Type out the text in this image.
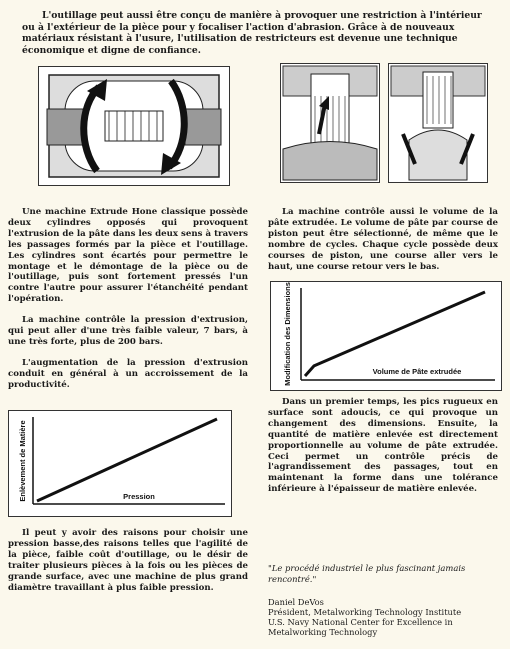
L'outillage peut aussi être conçu de manière à provoquer une restriction à l'intérieur ou à l'extérieur de la pièce pour y focaliser l'action d'abrasion. Grâce à de nouveaux matériaux résistant à l'usure, l'utilisation de restricteurs est devenue une technique économique et digne de confiance.

Une machine Extrude Hone classique possède deux cylindres opposés qui provoquent l'extrusion de la pâte dans les deux sens à travers les passages formés par la pièce et l'outillage. Les cylindres sont écartés pour permettre le montage et le démontage de la pièce ou de l'outillage, puis sont fortement pressés l'un contre l'autre pour assurer l'étanchéité pendant l'opération.

La machine contrôle la pression d'extrusion, qui peut aller d'une très faible valeur, 7 bars, à une très forte, plus de 200 bars.

L'augmentation de la pression d'extrusion conduit en général à un accroissement de la productivité.

Pression
Enlèvement de Matière

Il peut y avoir des raisons pour choisir une pression basse,des raisons telles que l'agilité de la pièce, faible coût d'outillage, ou le désir de traiter plusieurs pièces à la fois ou les pièces de grande surface, avec une machine de plus grand diamètre travaillant à plus faible pression.

La machine contrôle aussi le volume de la pâte extrudée. Le volume de pâte par course de piston peut être sélectionné, de même que le nombre de cycles. Chaque cycle possède deux courses de piston, une course aller vers le haut, une course retour vers le bas.

Volume de Pâte extrudée
Modification des Dimensions

Dans un premier temps, les pics rugueux en surface sont adoucis, ce qui provoque un changement des dimensions. Ensuite, la quantité de matière enlevée est directement proportionnelle au volume de pâte extrudée. Ceci permet un contrôle précis de l'agrandissement des passages, tout en maintenant la forme dans une tolérance inférieure à l'épaisseur de matière enlevée.

"Le procédé industriel le plus fascinant jamais rencontré."
Daniel DeVos
Président, Metalworking Technology Institute
U.S. Navy National Center for Excellence in
Metalworking Technology
